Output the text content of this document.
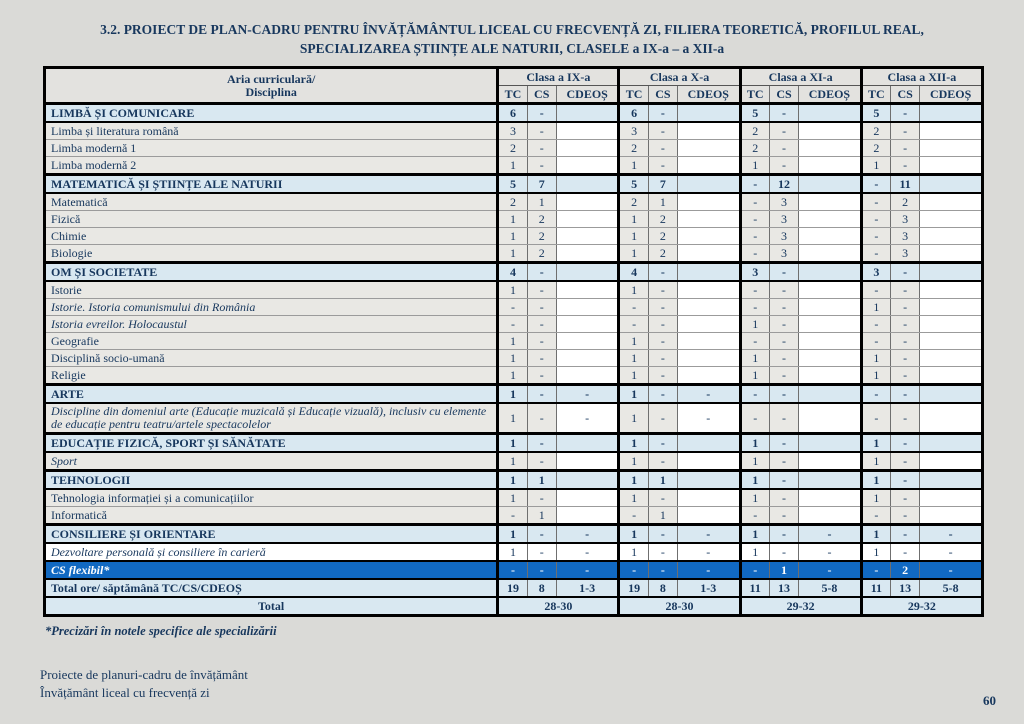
3.2. PROIECT DE PLAN-CADRU PENTRU ÎNVĂȚĂMÂNTUL LICEAL CU FRECVENȚĂ ZI, FILIERA TEORETICĂ, PROFILUL REAL,
SPECIALIZAREA ȘTIINȚE ALE NATURII, CLASELE a IX-a – a XII-a
Aria curriculară/
Disciplina	Clasa a IX-a			Clasa a X-a			Clasa a XI-a			Clasa a XII-a		
	TC	CS	CDEOȘ	TC	CS	CDEOȘ	TC	CS	CDEOȘ	TC	CS	CDEOȘ
LIMBĂ ȘI COMUNICARE	6	-		6	-		5	-		5	-	
Limba și literatura română	3	-		3	-		2	-		2	-	
Limba modernă 1	2	-		2	-		2	-		2	-	
Limba modernă 2	1	-		1	-		1	-		1	-	
MATEMATICĂ ȘI ȘTIINȚE ALE NATURII	5	7		5	7		-	12		-	11	
Matematică	2	1		2	1		-	3		-	2	
Fizică	1	2		1	2		-	3		-	3	
Chimie	1	2		1	2		-	3		-	3	
Biologie	1	2		1	2		-	3		-	3	
OM ȘI SOCIETATE	4	-		4	-		3	-		3	-	
Istorie	1	-		1	-		-	-		-	-	
Istorie. Istoria comunismului din România	-	-		-	-		-	-		1	-	
Istoria evreilor. Holocaustul	-	-		-	-		1	-		-	-	
Geografie	1	-		1	-		-	-		-	-	
Disciplină socio-umană	1	-		1	-		1	-		1	-	
Religie	1	-		1	-		1	-		1	-	
ARTE	1	-	-	1	-	-	-	-		-	-	
Discipline din domeniul arte (Educație muzicală și Educație vizuală), inclusiv cu elemente de educație pentru teatru/artele spectacolelor	1	-	-	1	-	-	-	-		-	-	
EDUCAȚIE FIZICĂ, SPORT ȘI SĂNĂTATE	1	-		1	-		1	-		1	-	
Sport	1	-		1	-		1	-		1	-	
TEHNOLOGII	1	1		1	1		1	-		1	-	
Tehnologia informației și a comunicațiilor	1	-		1	-		1	-		1	-	
Informatică	-	1		-	1		-	-		-	-	
CONSILIERE ȘI ORIENTARE	1	-	-	1	-	-	1	-	-	1	-	-
Dezvoltare personală și consiliere în carieră	1	-	-	1	-	-	1	-	-	1	-	-
CS flexibil*	-	-	-	-	-	-	-	1	-	-	2	-
Total ore/ săptămână TC/CS/CDEOȘ	19	8	1-3	19	8	1-3	11	13	5-8	11	13	5-8
Total	28-30			28-30			29-32			29-32		
*Precizări în notele specifice ale specializării
Proiecte de planuri-cadru de învățământ
Învățământ liceal cu frecvență zi
60
